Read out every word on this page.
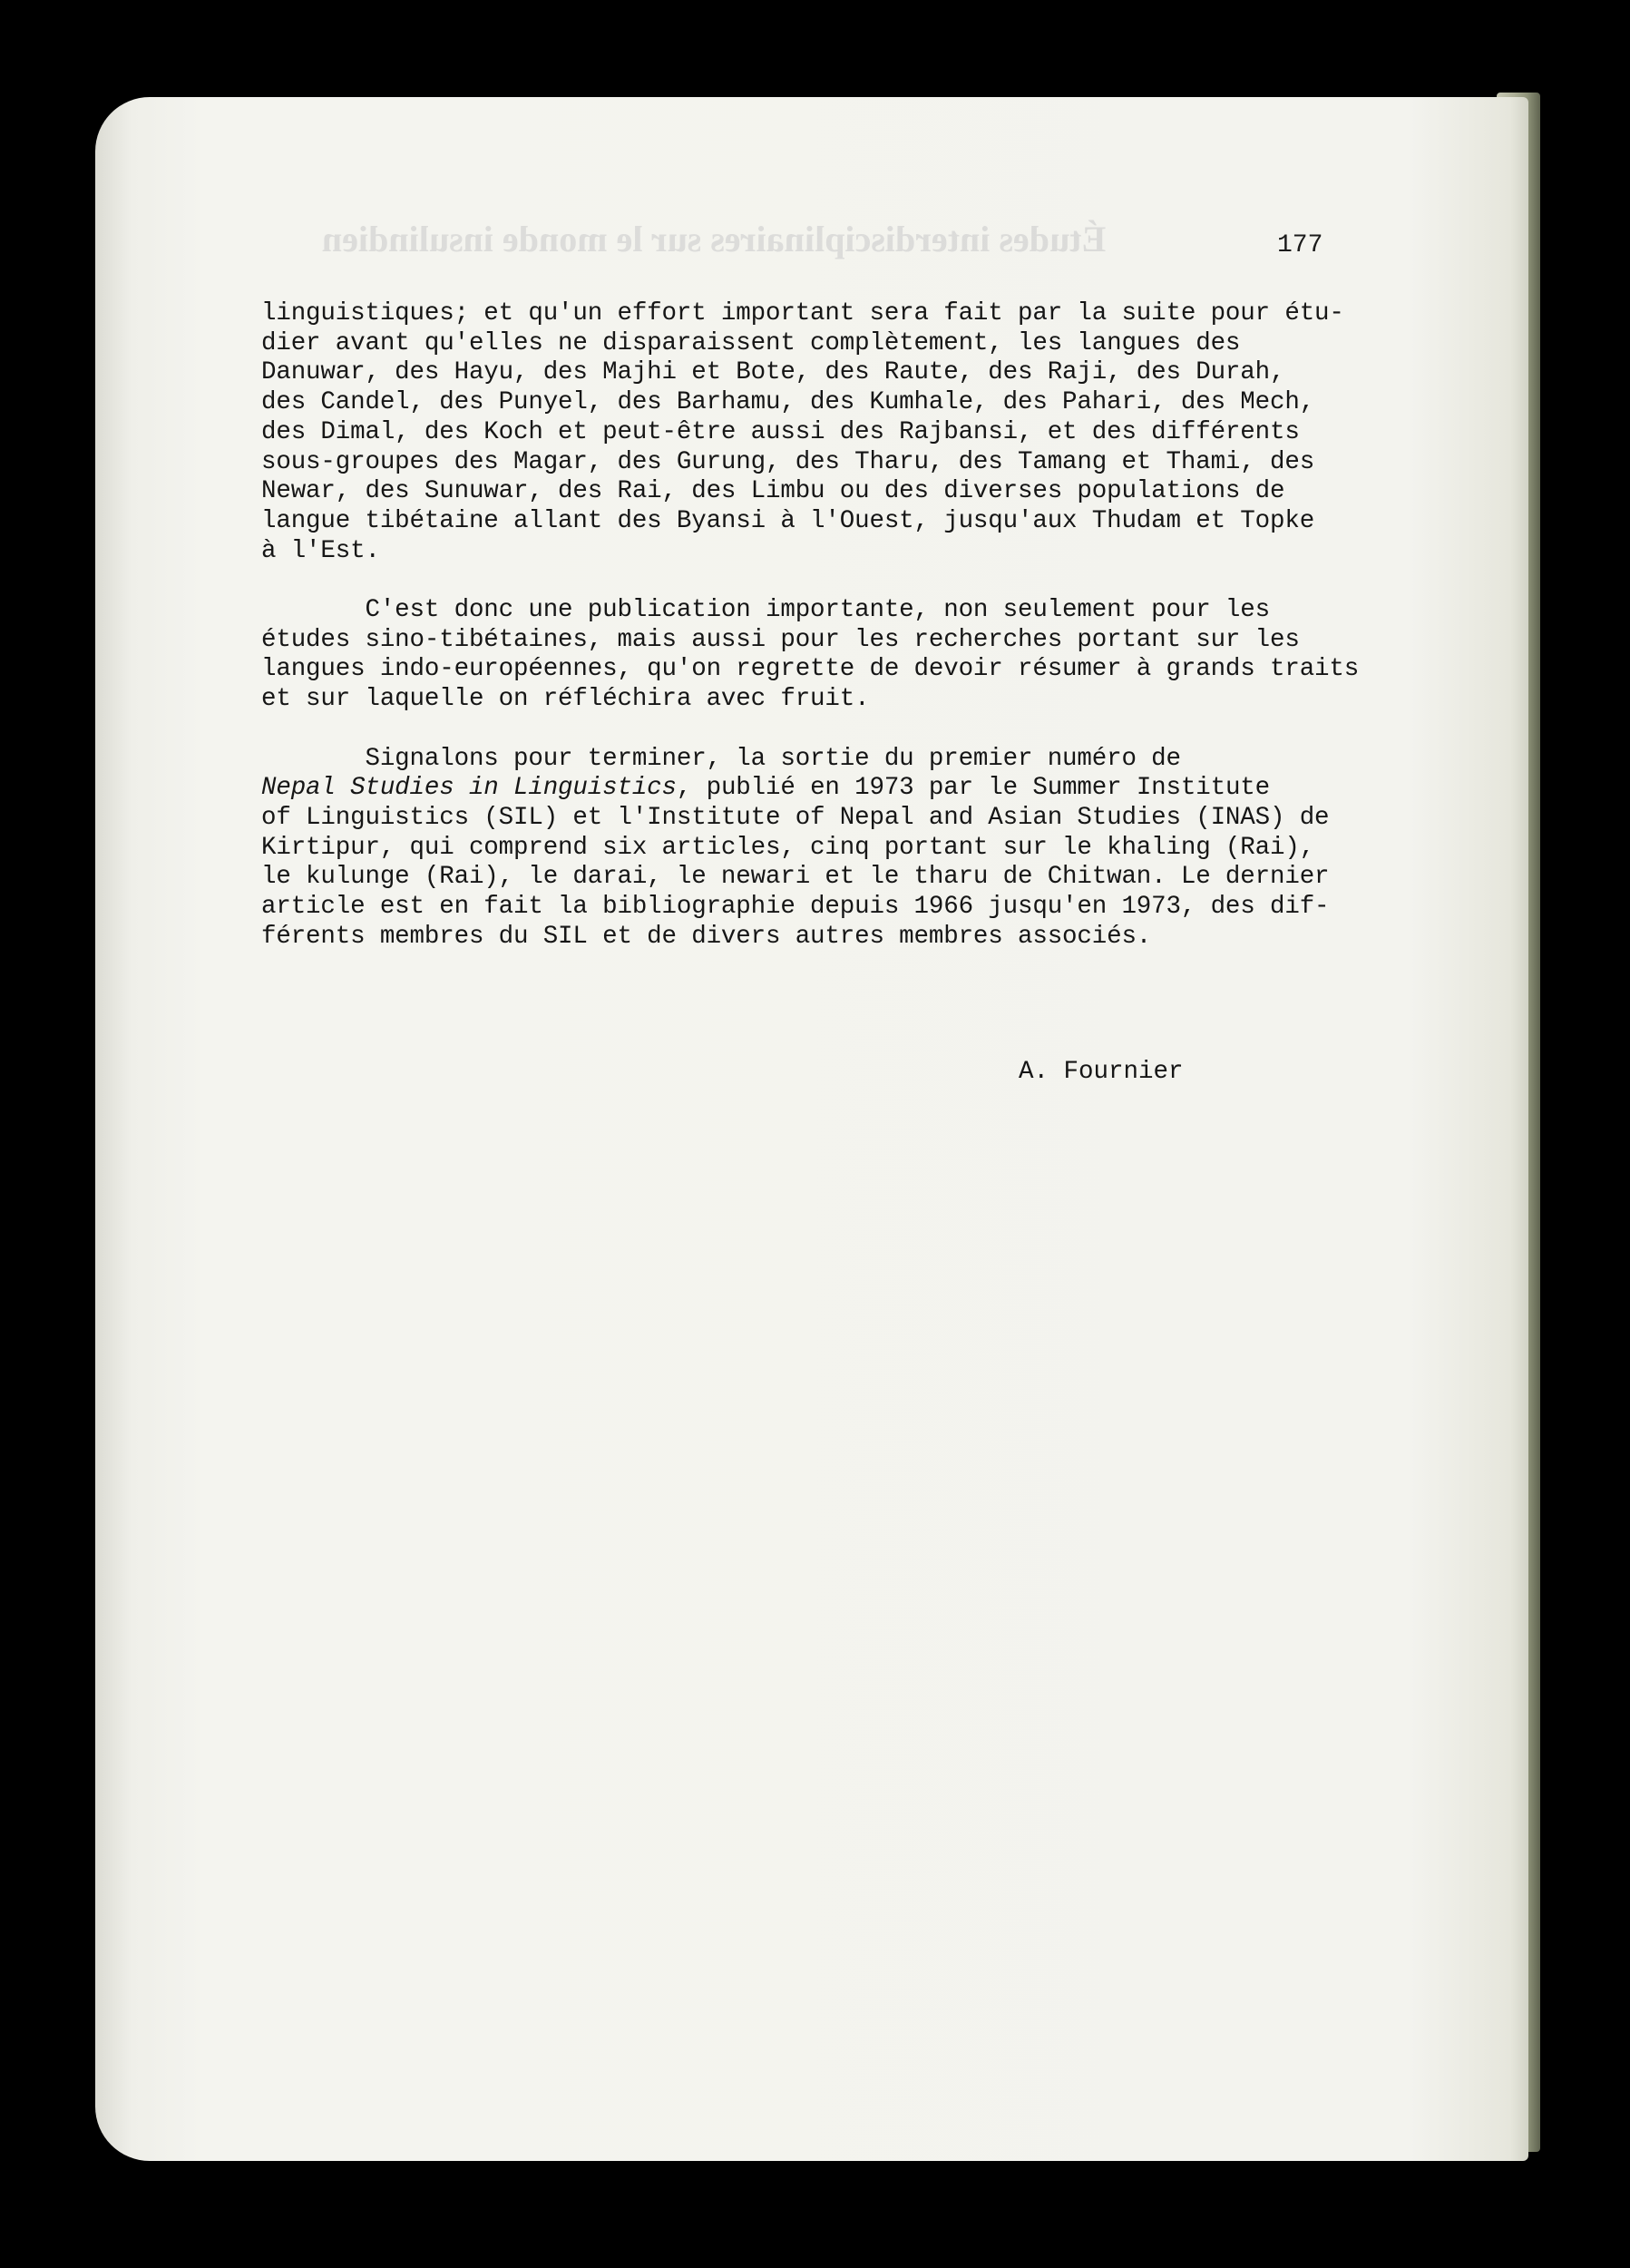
Études interdisciplinaires sur le monde insulindien	177
linguistiques; et qu'un effort important sera fait par la suite pour étu-
dier avant qu'elles ne disparaissent complètement, les langues des
Danuwar, des Hayu, des Majhi et Bote, des Raute, des Raji, des Durah,
des Candel, des Punyel, des Barhamu, des Kumhale, des Pahari, des Mech,
des Dimal, des Koch et peut-être aussi des Rajbansi, et des différents
sous-groupes des Magar, des Gurung, des Tharu, des Tamang et Thami, des
Newar, des Sunuwar, des Rai, des Limbu ou des diverses populations de
langue tibétaine allant des Byansi à l'Ouest, jusqu'aux Thudam et Topke
à l'Est.
C'est donc une publication importante, non seulement pour les
études sino-tibétaines, mais aussi pour les recherches portant sur les
langues indo-européennes, qu'on regrette de devoir résumer à grands traits
et sur laquelle on réfléchira avec fruit.
Signalons pour terminer, la sortie du premier numéro de
Nepal Studies in Linguistics, publié en 1973 par le Summer Institute
of Linguistics (SIL) et l'Institute of Nepal and Asian Studies (INAS) de
Kirtipur, qui comprend six articles, cinq portant sur le khaling (Rai),
le kulunge (Rai), le darai, le newari et le tharu de Chitwan. Le dernier
article est en fait la bibliographie depuis 1966 jusqu'en 1973, des dif-
férents membres du SIL et de divers autres membres associés.
A. Fournier
